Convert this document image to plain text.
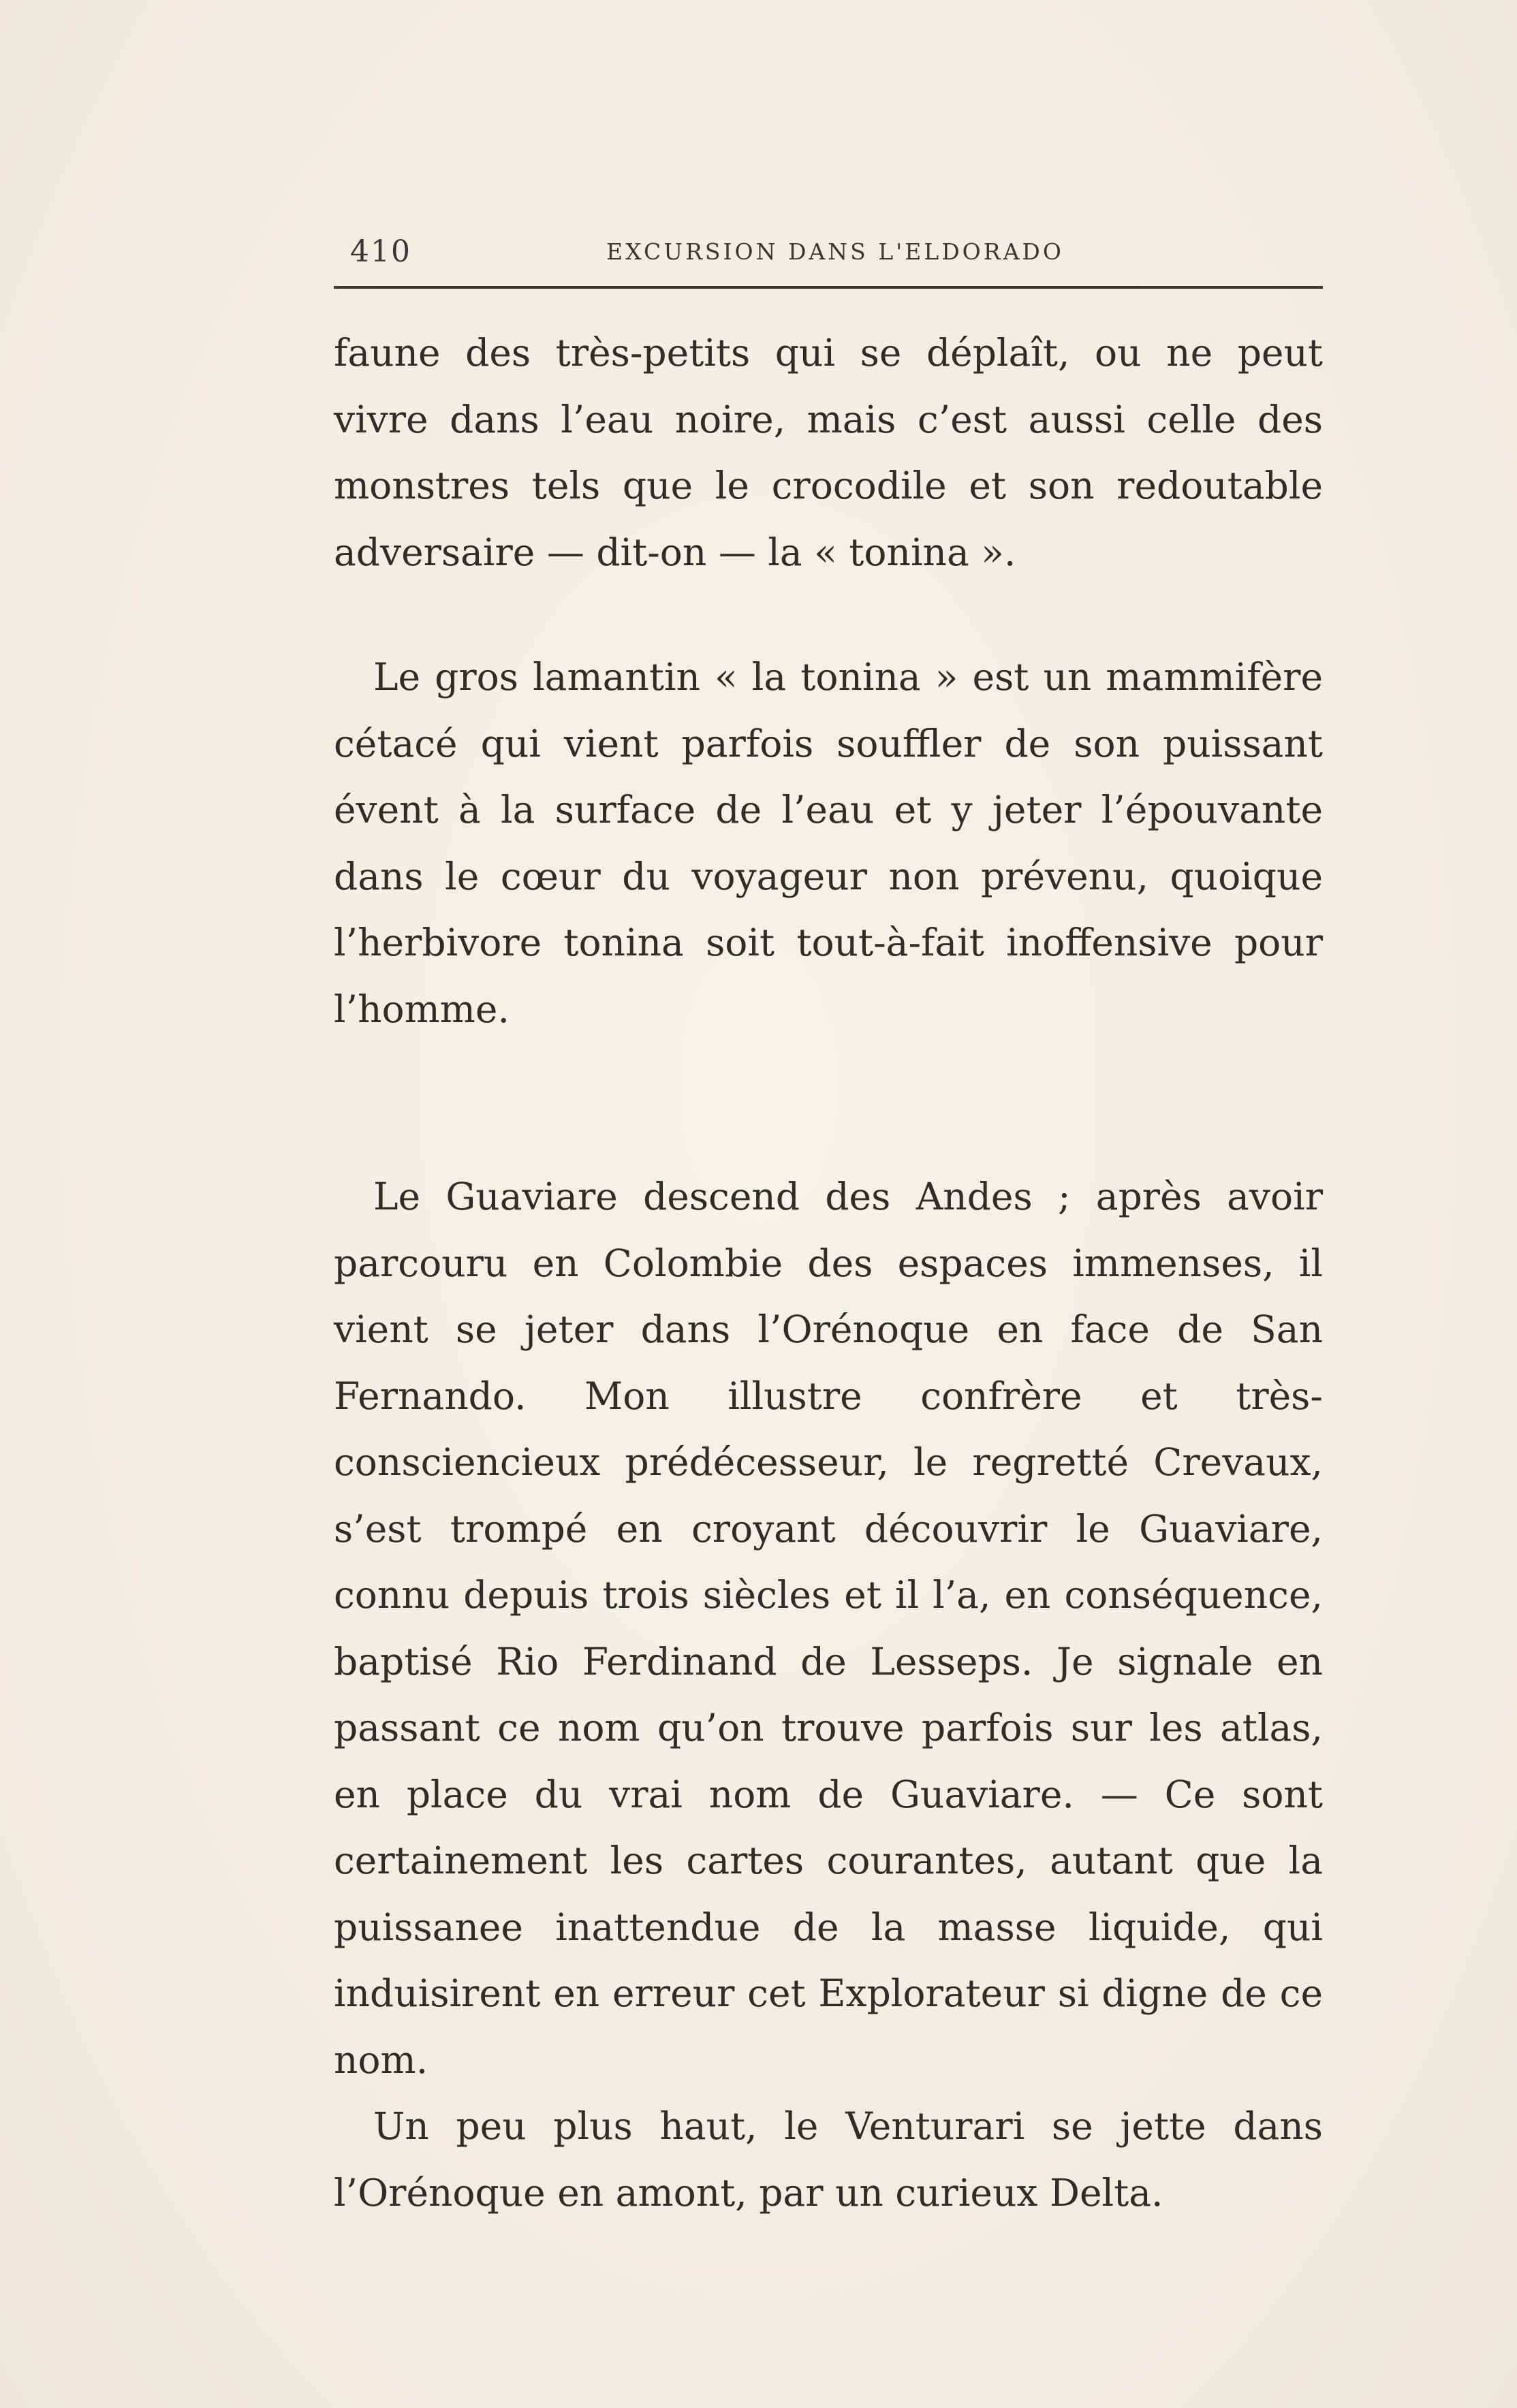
410	EXCURSION DANS L'ELDORADO

faune des très-petits qui se déplaît, ou ne peut vivre dans l’eau noire, mais c’est aussi celle des monstres tels que le crocodile et son redoutable adversaire — dit-on — la « tonina ».

Le gros lamantin « la tonina » est un mammifère cétacé qui vient parfois souffler de son puissant évent à la surface de l’eau et y jeter l’épouvante dans le cœur du voyageur non prévenu, quoique l’herbivore tonina soit tout-à-fait inoffensive pour l’homme.

Le Guaviare descend des Andes ; après avoir parcouru en Colombie des espaces immenses, il vient se jeter dans l’Orénoque en face de San Fernando. Mon illustre confrère et très-consciencieux prédécesseur, le regretté Crevaux, s’est trompé en croyant découvrir le Guaviare, connu depuis trois siècles et il l’a, en conséquence, baptisé Rio Ferdinand de Lesseps. Je signale en passant ce nom qu’on trouve parfois sur les atlas, en place du vrai nom de Guaviare. — Ce sont certainement les cartes courantes, autant que la puissanee inattendue de la masse liquide, qui induisirent en erreur cet Explorateur si digne de ce nom.

Un peu plus haut, le Venturari se jette dans l’Orénoque en amont, par un curieux Delta.
